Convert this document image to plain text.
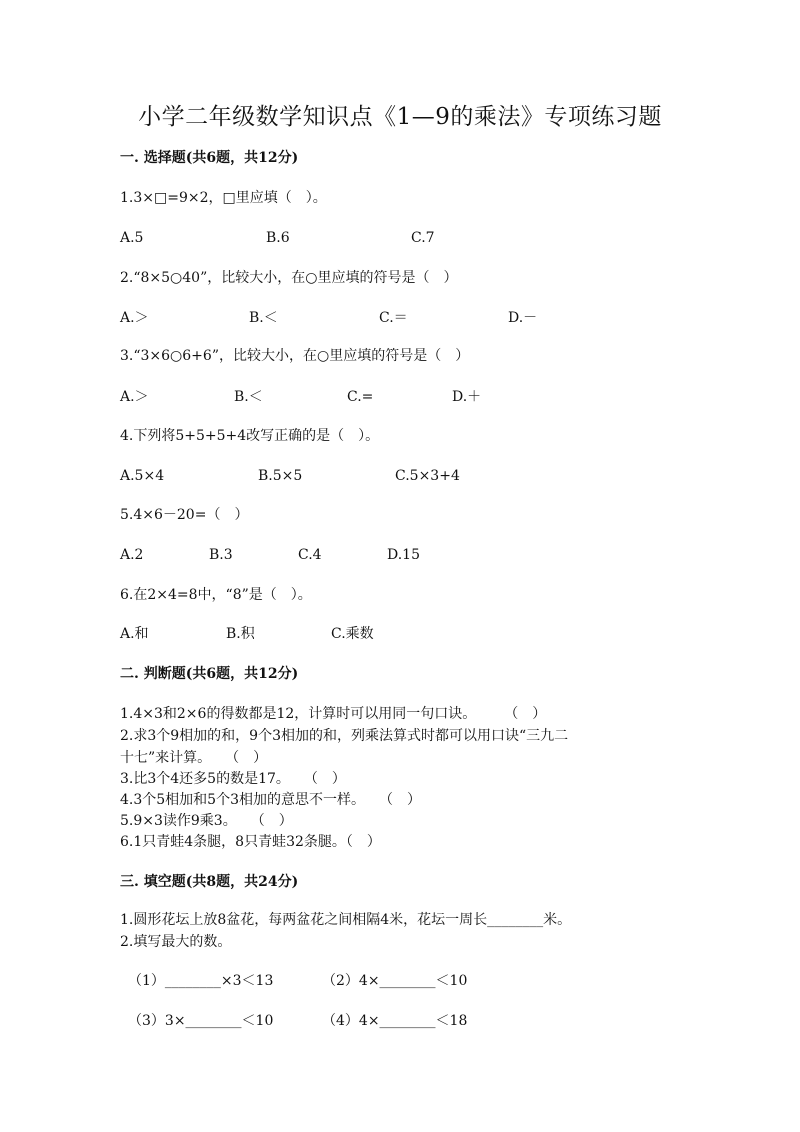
小学二年级数学知识点《1—9的乘法》专项练习题
一. 选择题(共6题，共12分)
1.3×□=9×2，□里应填（　）。
A.5	B.6	C.7
2.“8×5○40”，比较大小，在○里应填的符号是（　）
A.＞	B.＜	C.＝	D.－
3.“3×6○6+6”，比较大小，在○里应填的符号是（　）
A.＞	B.＜	C.=	D.＋
4.下列将5+5+5+4改写正确的是（　）。
A.5×4	B.5×5	C.5×3+4
5.4×6－20=（　）
A.2	B.3	C.4	D.15
6.在2×4=8中，“8”是（　）。
A.和	B.积	C.乘数
二. 判断题(共6题，共12分)
1.4×3和2×6的得数都是12，计算时可以用同一句口诀。　　　（　）
2.求3个9相加的和，9个3相加的和，列乘法算式时都可以用口诀“三九二
十七”来计算。　　（　）
3.比3个4还多5的数是17。　　（　）
4.3个5相加和5个3相加的意思不一样。　　（　）
5.9×3读作9乘3。　　（　）
6.1只青蛙4条腿，8只青蛙32条腿。（　）
三. 填空题(共8题，共24分)
1.圆形花坛上放8盆花，每两盆花之间相隔4米，花坛一周长________米。
2.填写最大的数。
（1）________×3＜13	（2）4×________＜10
（3）3×________＜10	（4）4×________＜18
